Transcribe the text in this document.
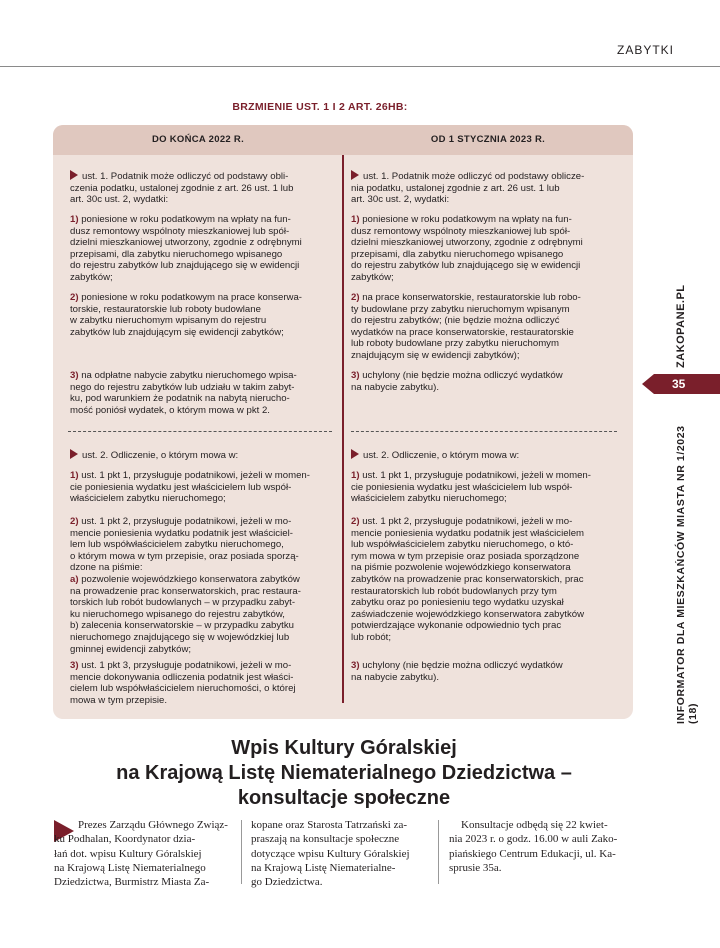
ZABYTKI
BRZMIENIE UST. 1 I 2 ART. 26HB:
DO KOŃCA 2022 R.	OD 1 STYCZNIA 2023 R.
ust. 1. Podatnik może odliczyć od podstawy obli-
czenia podatku, ustalonej zgodnie z art. 26 ust. 1 lub
art. 30c ust. 2, wydatki:
1) poniesione w roku podatkowym na wpłaty na fun-
dusz remontowy wspólnoty mieszkaniowej lub spół-
dzielni mieszkaniowej utworzony, zgodnie z odrębnymi
przepisami, dla zabytku nieruchomego wpisanego
do rejestru zabytków lub znajdującego się w ewidencji
zabytków;
2) poniesione w roku podatkowym na prace konserwa-
torskie, restauratorskie lub roboty budowlane
w zabytku nieruchomym wpisanym do rejestru
zabytków lub znajdującym się ewidencji zabytków;
3) na odpłatne nabycie zabytku nieruchomego wpisa-
nego do rejestru zabytków lub udziału w takim zabyt-
ku, pod warunkiem że podatnik na nabytą nierucho-
mość poniósł wydatek, o którym mowa w pkt 2.
ust. 2. Odliczenie, o którym mowa w:
1) ust. 1 pkt 1, przysługuje podatnikowi, jeżeli w momen-
cie poniesienia wydatku jest właścicielem lub współ-
właścicielem zabytku nieruchomego;
2) ust. 1 pkt 2, przysługuje podatnikowi, jeżeli w mo-
mencie poniesienia wydatku podatnik jest właściciel-
lem lub współwłaścicielem zabytku nieruchomego,
o którym mowa w tym przepisie, oraz posiada sporzą-
dzone na piśmie:
a) pozwolenie wojewódzkiego konserwatora zabytków
na prowadzenie prac konserwatorskich, prac restaura-
torskich lub robót budowlanych – w przypadku zabyt-
ku nieruchomego wpisanego do rejestru zabytków,
b) zalecenia konserwatorskie – w przypadku zabytku
nieruchomego znajdującego się w wojewódzkiej lub
gminnej ewidencji zabytków;
3) ust. 1 pkt 3, przysługuje podatnikowi, jeżeli w mo-
mencie dokonywania odliczenia podatnik jest właści-
cielem lub współwłaścicielem nieruchomości, o której
mowa w tym przepisie.
ust. 1. Podatnik może odliczyć od podstawy oblicze-
nia podatku, ustalonej zgodnie z art. 26 ust. 1 lub
art. 30c ust. 2, wydatki:
1) poniesione w roku podatkowym na wpłaty na fun-
dusz remontowy wspólnoty mieszkaniowej lub spół-
dzielni mieszkaniowej utworzony, zgodnie z odrębnymi
przepisami, dla zabytku nieruchomego wpisanego
do rejestru zabytków lub znajdującego się w ewidencji
zabytków;
2) na prace konserwatorskie, restauratorskie lub robo-
ty budowlane przy zabytku nieruchomym wpisanym
do rejestru zabytków; (nie będzie można odliczyć
wydatków na prace konserwatorskie, restauratorskie
lub roboty budowlane przy zabytku nieruchomym
znajdującym się w ewidencji zabytków);
3) uchylony (nie będzie można odliczyć wydatków
na nabycie zabytku).
ust. 2. Odliczenie, o którym mowa w:
1) ust. 1 pkt 1, przysługuje podatnikowi, jeżeli w momen-
cie poniesienia wydatku jest właścicielem lub współ-
właścicielem zabytku nieruchomego;
2) ust. 1 pkt 2, przysługuje podatnikowi, jeżeli w mo-
mencie poniesienia wydatku podatnik jest właścicielem
lub współwłaścicielem zabytku nieruchomego, o któ-
rym mowa w tym przepisie oraz posiada sporządzone
na piśmie pozwolenie wojewódzkiego konserwatora
zabytków na prowadzenie prac konserwatorskich, prac
restauratorskich lub robót budowlanych przy tym
zabytku oraz po poniesieniu tego wydatku uzyskał
zaświadczenie wojewódzkiego konserwatora zabytków
potwierdzające wykonanie odpowiednio tych prac
lub robót;
3) uchylony (nie będzie można odliczyć wydatków
na nabycie zabytku).
ZAKOPANE.PL
35
INFORMATOR DLA MIESZKAŃCÓW MIASTA NR 1/2023 (18)
Wpis Kultury Góralskiej
na Krajową Listę Niematerialnego Dziedzictwa –
konsultacje społeczne

Prezes Zarządu Głównego Związ-
ku Podhalan, Koordynator dzia-
łań dot. wpisu Kultury Góralskiej
na Krajową Listę Niematerialnego
Dziedzictwa, Burmistrz Miasta Za-

kopane oraz Starosta Tatrzański za-
praszają na konsultacje społeczne
dotyczące wpisu Kultury Góralskiej
na Krajową Listę Niematerialne-
go Dziedzictwa.

Konsultacje odbędą się 22 kwiet-
nia 2023 r. o godz. 16.00 w auli Zako-
piańskiego Centrum Edukacji, ul. Ka-
sprusie 35a.
